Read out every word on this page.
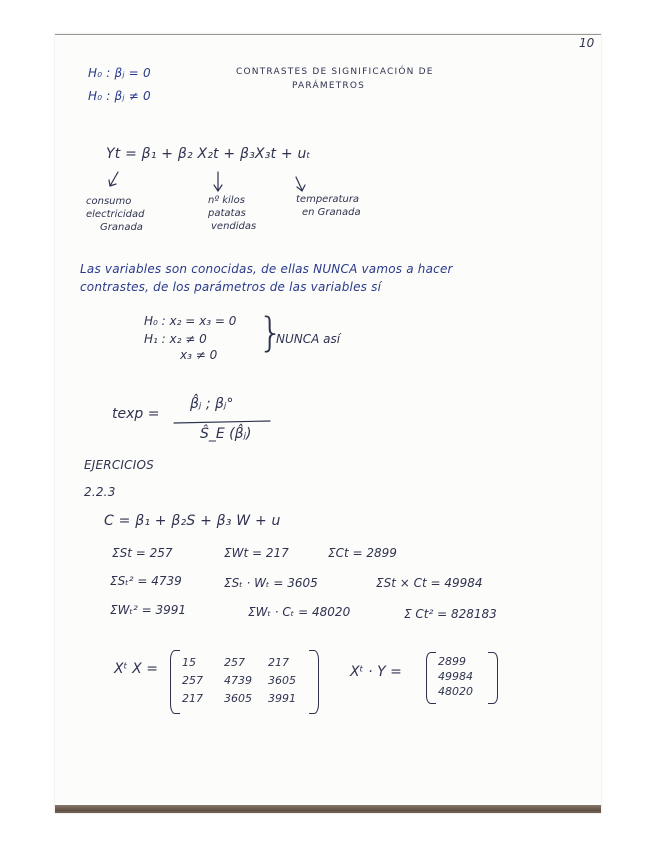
10
H₀ : βⱼ = 0
H₀ : βⱼ ≠ 0
CONTRASTES DE SIGNIFICACIÓN DE
PARÁMETROS
Yt = β₁ + β₂ X₂t + β₃X₃t + uₜ
consumo
electricidad
Granada
nº kilos
patatas
vendidas
temperatura
en Granada
Las variables son conocidas, de ellas NUNCA vamos a hacer
contrastes, de los parámetros de las variables sí
H₀ : x₂ = x₃ = 0
H₁ : x₂ ≠ 0
x₃ ≠ 0 }
NUNCA así
texp =
β̂ⱼ ; βⱼ°
Ŝ_E (β̂ⱼ)
EJERCICIOS
2.2.3
C = β₁ + β₂S + β₃ W + u
ΣSt = 257	ΣWt = 217	ΣCt = 2899
ΣSₜ² = 4739	ΣSₜ · Wₜ = 3605	ΣSt × Ct = 49984
ΣWₜ² = 3991	ΣWₜ · Cₜ = 48020	Σ Ct² = 828183
Xᵗ X = 15	257	217
257	4739	3605
217	3605	3991
Xᵗ · Y =
2899
49984
48020
